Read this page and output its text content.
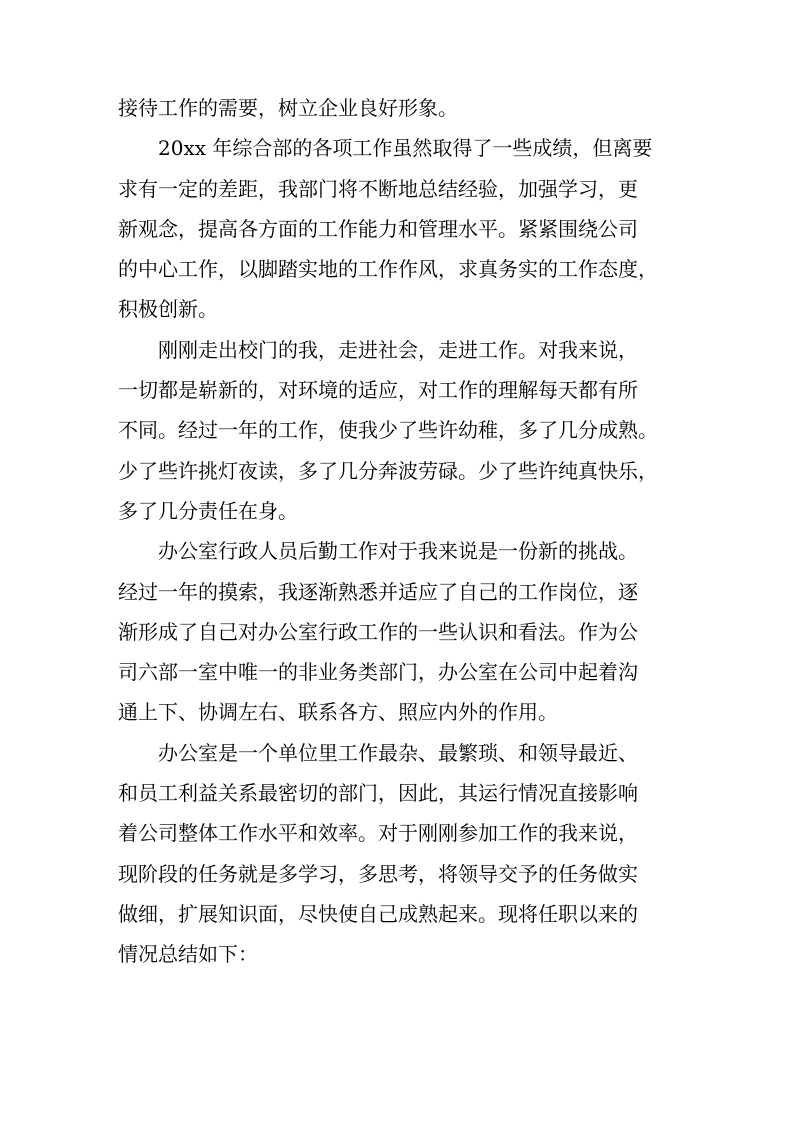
接待工作的需要，树立企业良好形象。
20xx 年综合部的各项工作虽然取得了一些成绩，但离要
求有一定的差距，我部门将不断地总结经验，加强学习，更
新观念，提高各方面的工作能力和管理水平。紧紧围绕公司
的中心工作，以脚踏实地的工作作风，求真务实的工作态度，
积极创新。
刚刚走出校门的我，走进社会，走进工作。对我来说，
一切都是崭新的，对环境的适应，对工作的理解每天都有所
不同。经过一年的工作，使我少了些许幼稚，多了几分成熟。
少了些许挑灯夜读，多了几分奔波劳碌。少了些许纯真快乐，
多了几分责任在身。
办公室行政人员后勤工作对于我来说是一份新的挑战。
经过一年的摸索，我逐渐熟悉并适应了自己的工作岗位，逐
渐形成了自己对办公室行政工作的一些认识和看法。作为公
司六部一室中唯一的非业务类部门，办公室在公司中起着沟
通上下、协调左右、联系各方、照应内外的作用。
办公室是一个单位里工作最杂、最繁琐、和领导最近、
和员工利益关系最密切的部门，因此，其运行情况直接影响
着公司整体工作水平和效率。对于刚刚参加工作的我来说，
现阶段的任务就是多学习，多思考，将领导交予的任务做实
做细，扩展知识面，尽快使自己成熟起来。现将任职以来的
情况总结如下：
